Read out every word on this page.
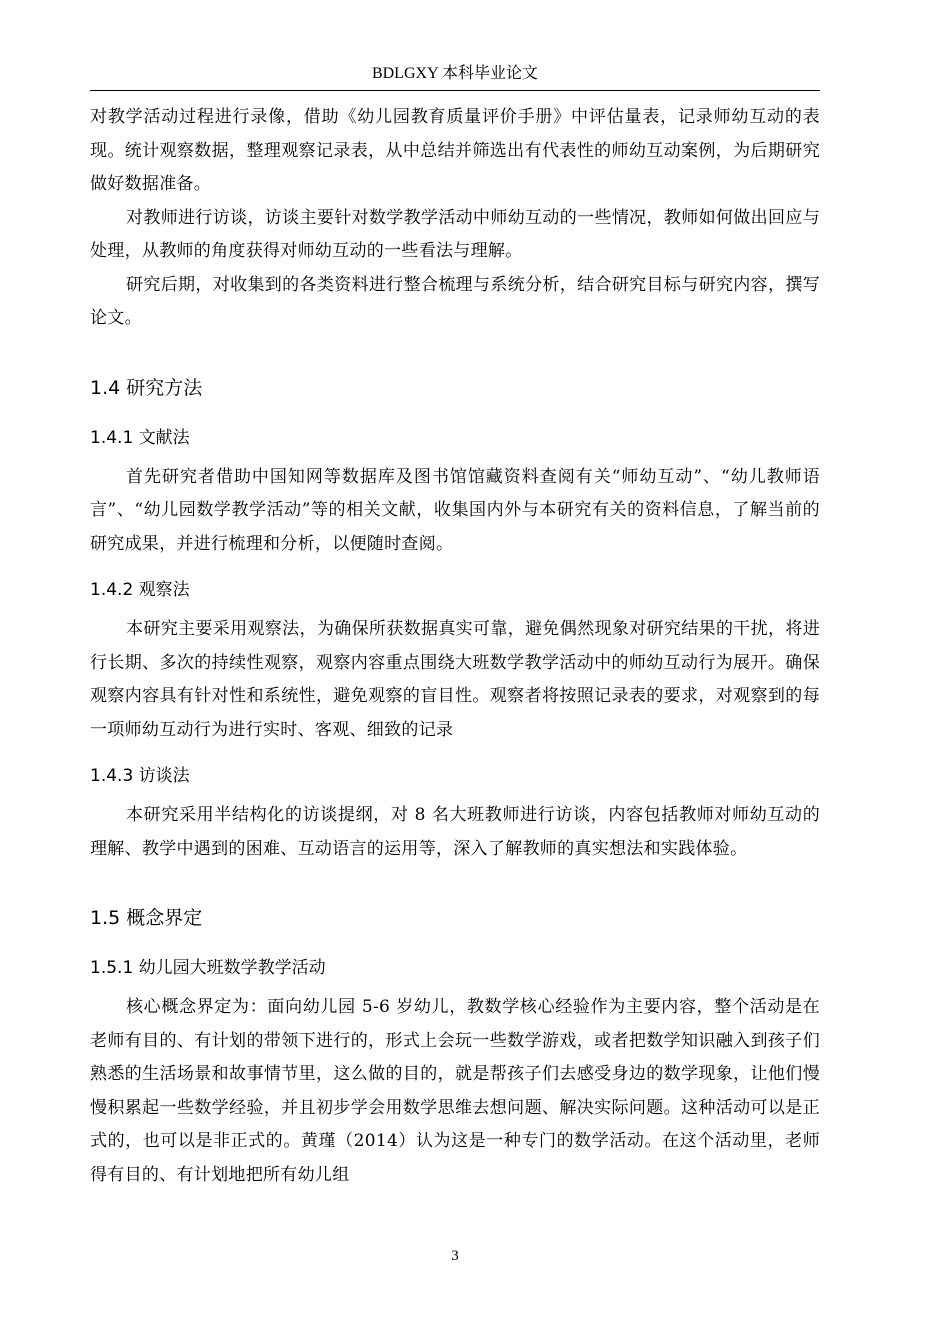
BDLGXY 本科毕业论文

对教学活动过程进行录像，借助《幼儿园教育质量评价手册》中评估量表，记录师幼互动的表现。统计观察数据，整理观察记录表，从中总结并筛选出有代表性的师幼互动案例，为后期研究做好数据准备。

对教师进行访谈，访谈主要针对数学教学活动中师幼互动的一些情况，教师如何做出回应与处理，从教师的角度获得对师幼互动的一些看法与理解。

研究后期，对收集到的各类资料进行整合梳理与系统分析，结合研究目标与研究内容，撰写论文。

1.4 研究方法
1.4.1 文献法

首先研究者借助中国知网等数据库及图书馆馆藏资料查阅有关“师幼互动”、“幼儿教师语言”、“幼儿园数学教学活动”等的相关文献，收集国内外与本研究有关的资料信息，了解当前的研究成果，并进行梳理和分析，以便随时查阅。

1.4.2 观察法

本研究主要采用观察法，为确保所获数据真实可靠，避免偶然现象对研究结果的干扰，将进行长期、多次的持续性观察，观察内容重点围绕大班数学教学活动中的师幼互动行为展开。确保观察内容具有针对性和系统性，避免观察的盲目性。观察者将按照记录表的要求，对观察到的每一项师幼互动行为进行实时、客观、细致的记录

1.4.3 访谈法

本研究采用半结构化的访谈提纲，对 8 名大班教师进行访谈，内容包括教师对师幼互动的理解、教学中遇到的困难、互动语言的运用等，深入了解教师的真实想法和实践体验。

1.5 概念界定
1.5.1 幼儿园大班数学教学活动

核心概念界定为：面向幼儿园 5-6 岁幼儿，教数学核心经验作为主要内容，整个活动是在老师有目的、有计划的带领下进行的，形式上会玩一些数学游戏，或者把数学知识融入到孩子们熟悉的生活场景和故事情节里，这么做的目的，就是帮孩子们去感受身边的数学现象，让他们慢慢积累起一些数学经验，并且初步学会用数学思维去想问题、解决实际问题。这种活动可以是正式的，也可以是非正式的。黄瑾（2014）认为这是一种专门的数学活动。在这个活动里，老师得有目的、有计划地把所有幼儿组

3
